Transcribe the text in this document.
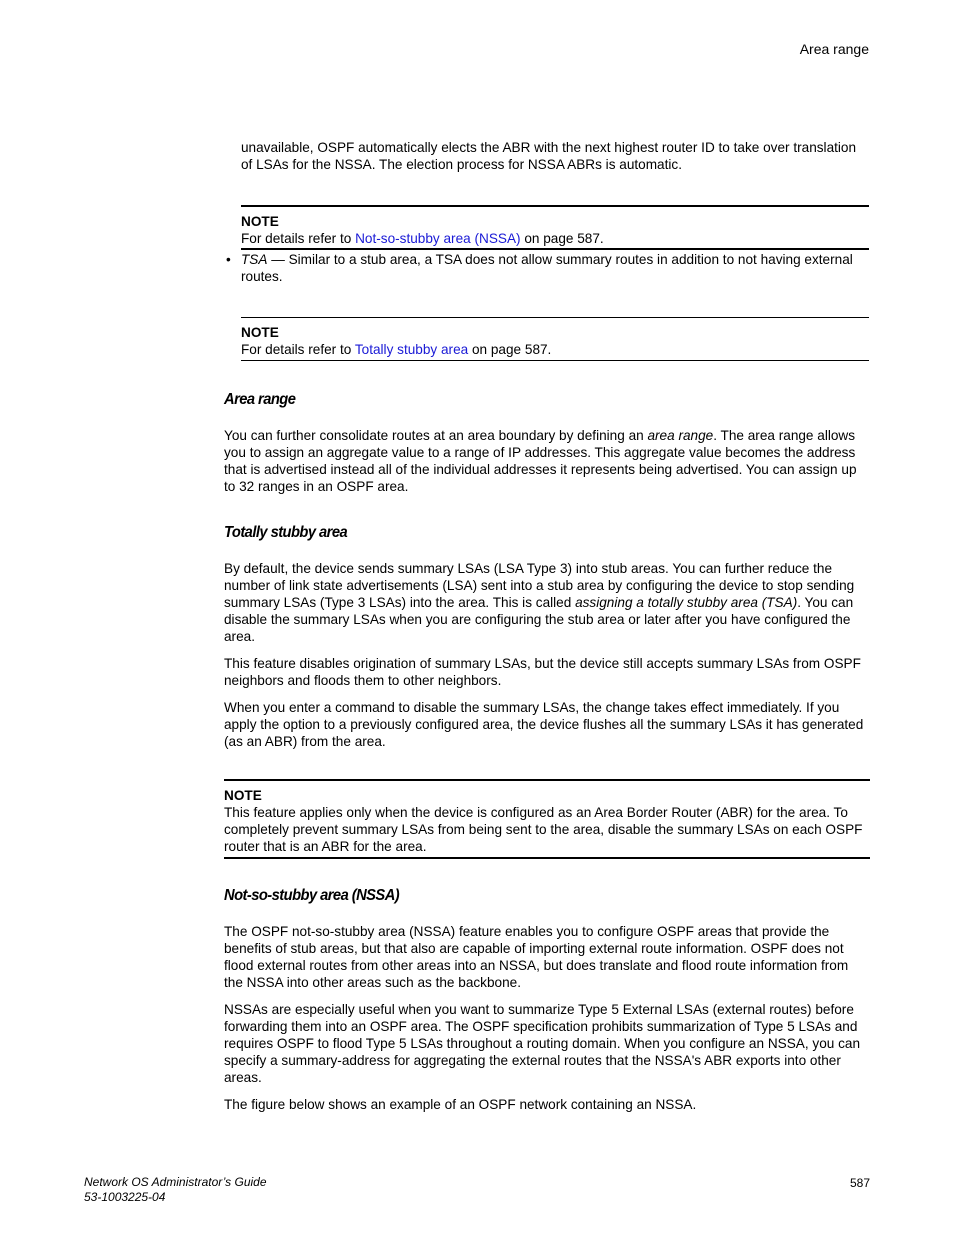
Area range

unavailable, OSPF automatically elects the ABR with the next highest router ID to take over translation of LSAs for the NSSA. The election process for NSSA ABRs is automatic.

NOTE
For details refer to Not-so-stubby area (NSSA) on page 587.
• TSA — Similar to a stub area, a TSA does not allow summary routes in addition to not having external routes.
NOTE
For details refer to Totally stubby area on page 587.
Area range

You can further consolidate routes at an area boundary by defining an area range. The area range allows you to assign an aggregate value to a range of IP addresses. This aggregate value becomes the address that is advertised instead all of the individual addresses it represents being advertised. You can assign up to 32 ranges in an OSPF area.

Totally stubby area

By default, the device sends summary LSAs (LSA Type 3) into stub areas. You can further reduce the number of link state advertisements (LSA) sent into a stub area by configuring the device to stop sending summary LSAs (Type 3 LSAs) into the area. This is called assigning a totally stubby area (TSA). You can disable the summary LSAs when you are configuring the stub area or later after you have configured the area.

This feature disables origination of summary LSAs, but the device still accepts summary LSAs from OSPF neighbors and floods them to other neighbors.

When you enter a command to disable the summary LSAs, the change takes effect immediately. If you apply the option to a previously configured area, the device flushes all the summary LSAs it has generated (as an ABR) from the area.

NOTE
This feature applies only when the device is configured as an Area Border Router (ABR) for the area. To completely prevent summary LSAs from being sent to the area, disable the summary LSAs on each OSPF router that is an ABR for the area.
Not-so-stubby area (NSSA)

The OSPF not-so-stubby area (NSSA) feature enables you to configure OSPF areas that provide the benefits of stub areas, but that also are capable of importing external route information. OSPF does not flood external routes from other areas into an NSSA, but does translate and flood route information from the NSSA into other areas such as the backbone.

NSSAs are especially useful when you want to summarize Type 5 External LSAs (external routes) before forwarding them into an OSPF area. The OSPF specification prohibits summarization of Type 5 LSAs and requires OSPF to flood Type 5 LSAs throughout a routing domain. When you configure an NSSA, you can specify a summary-address for aggregating the external routes that the NSSA's ABR exports into other areas.

The figure below shows an example of an OSPF network containing an NSSA.

Network OS Administrator’s Guide
53-1003225-04
587
